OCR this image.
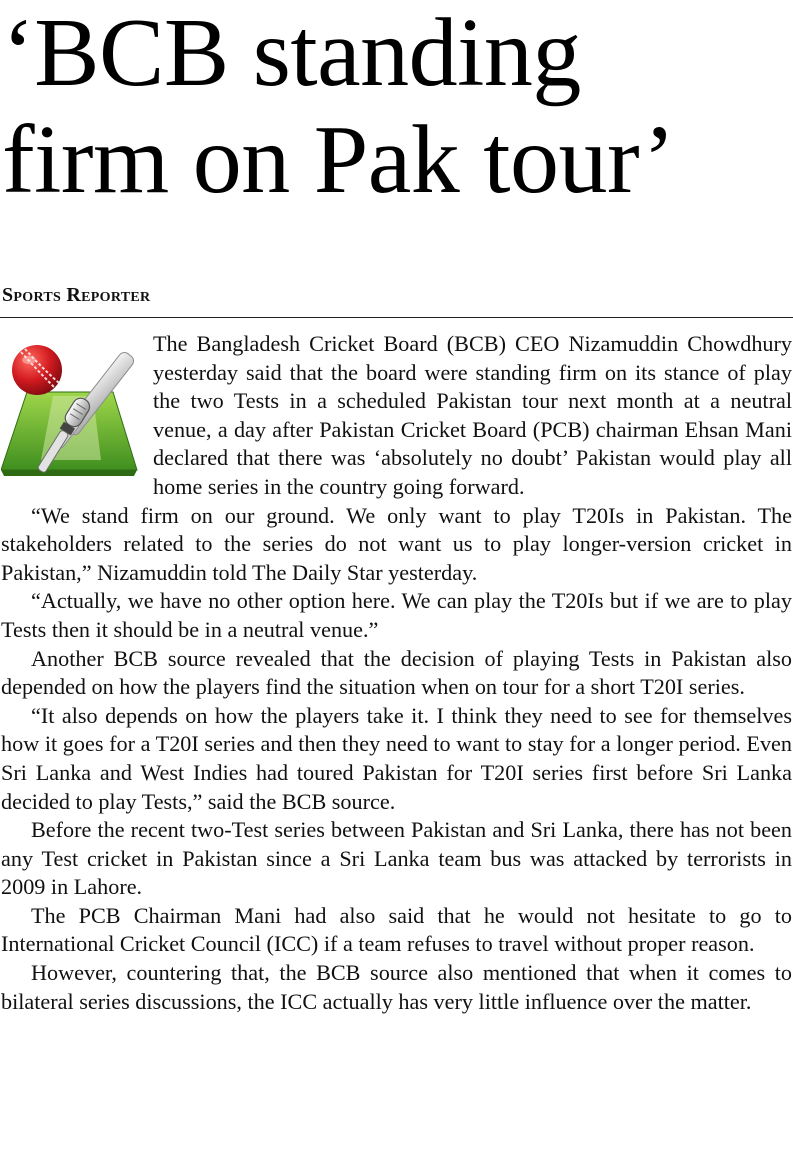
‘BCB standing
firm on Pak tour’
Sports Reporter

The Bangladesh Cricket Board (BCB) CEO Nizamuddin Chowdhury yesterday said that the board were standing firm on its stance of play the two Tests in a scheduled Pakistan tour next month at a neutral venue, a day after Pakistan Cricket Board (PCB) chairman Ehsan Mani declared that there was ‘absolutely no doubt’ Pakistan would play all home series in the country going forward.

“We stand firm on our ground. We only want to play T20Is in Pakistan. The stakeholders related to the series do not want us to play longer-version cricket in Pakistan,” Nizamuddin told The Daily Star yesterday.

“Actually, we have no other option here. We can play the T20Is but if we are to play Tests then it should be in a neutral venue.”

Another BCB source revealed that the decision of playing Tests in Pakistan also depended on how the players find the situation when on tour for a short T20I series.

“It also depends on how the players take it. I think they need to see for themselves how it goes for a T20I series and then they need to want to stay for a longer period. Even Sri Lanka and West Indies had toured Pakistan for T20I series first before Sri Lanka decided to play Tests,” said the BCB source.

Before the recent two-Test series between Pakistan and Sri Lanka, there has not been any Test cricket in Pakistan since a Sri Lanka team bus was attacked by terrorists in 2009 in Lahore.

The PCB Chairman Mani had also said that he would not hesitate to go to International Cricket Council (ICC) if a team refuses to travel without proper reason.

However, countering that, the BCB source also mentioned that when it comes to bilateral series discussions, the ICC actually has very little influence over the matter.
